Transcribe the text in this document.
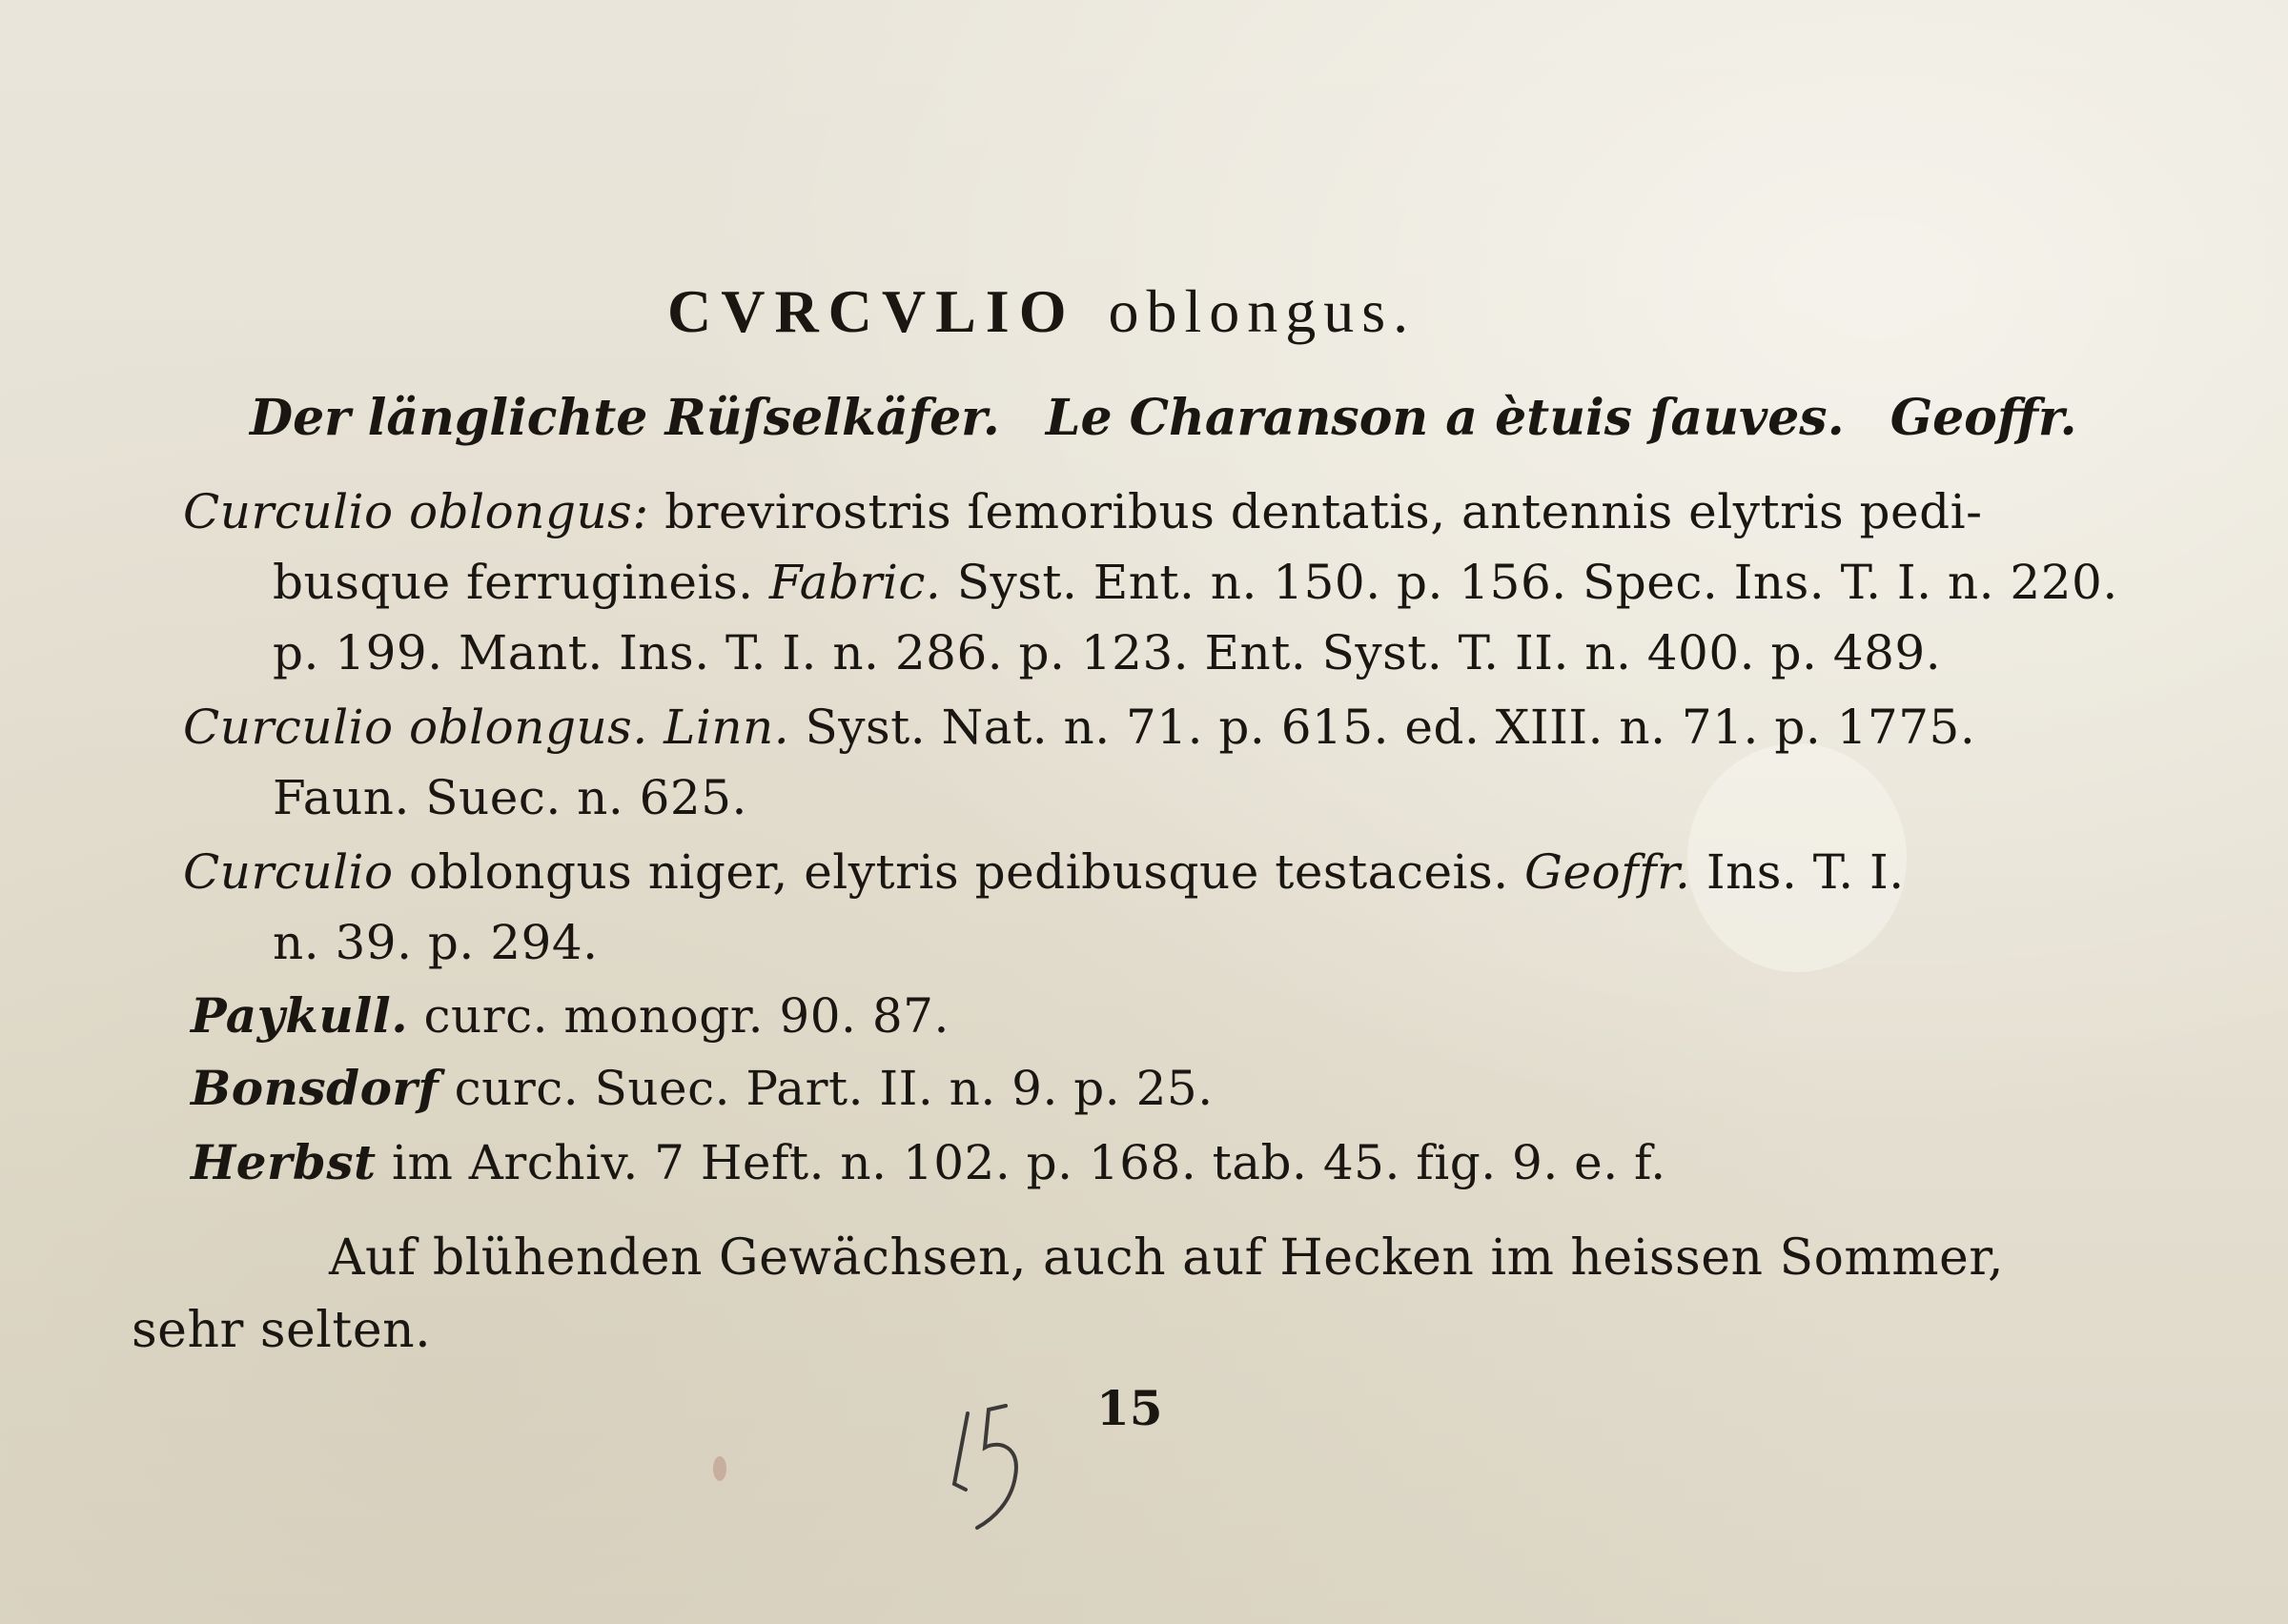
CVRCVLIO oblongus.
Der länglichte Rüſselkäfer. Le Charanson a ètuis ſauves. Geoffr.
Curculio oblongus: brevirostris ſemoribus dentatis, antennis elytris pedi-
busque ferrugineis. Fabric. Syst. Ent. n. 150. p. 156. Spec. Ins. T. I. n. 220.
p. 199. Mant. Ins. T. I. n. 286. p. 123. Ent. Syst. T. II. n. 400. p. 489.
Curculio oblongus. Linn. Syst. Nat. n. 71. p. 615. ed. XIII. n. 71. p. 1775.
Faun. Suec. n. 625.
Curculio oblongus niger, elytris pedibusque testaceis. Geoffr. Ins. T. I.
n. 39. p. 294.
Paykull. curc. monogr. 90. 87.
Bonsdorf curc. Suec. Part. II. n. 9. p. 25.
Herbst im Archiv. 7 Heft. n. 102. p. 168. tab. 45. fig. 9. e. f.
Auf blühenden Gewächsen, auch auf Hecken im heissen Sommer,
sehr selten.
15
